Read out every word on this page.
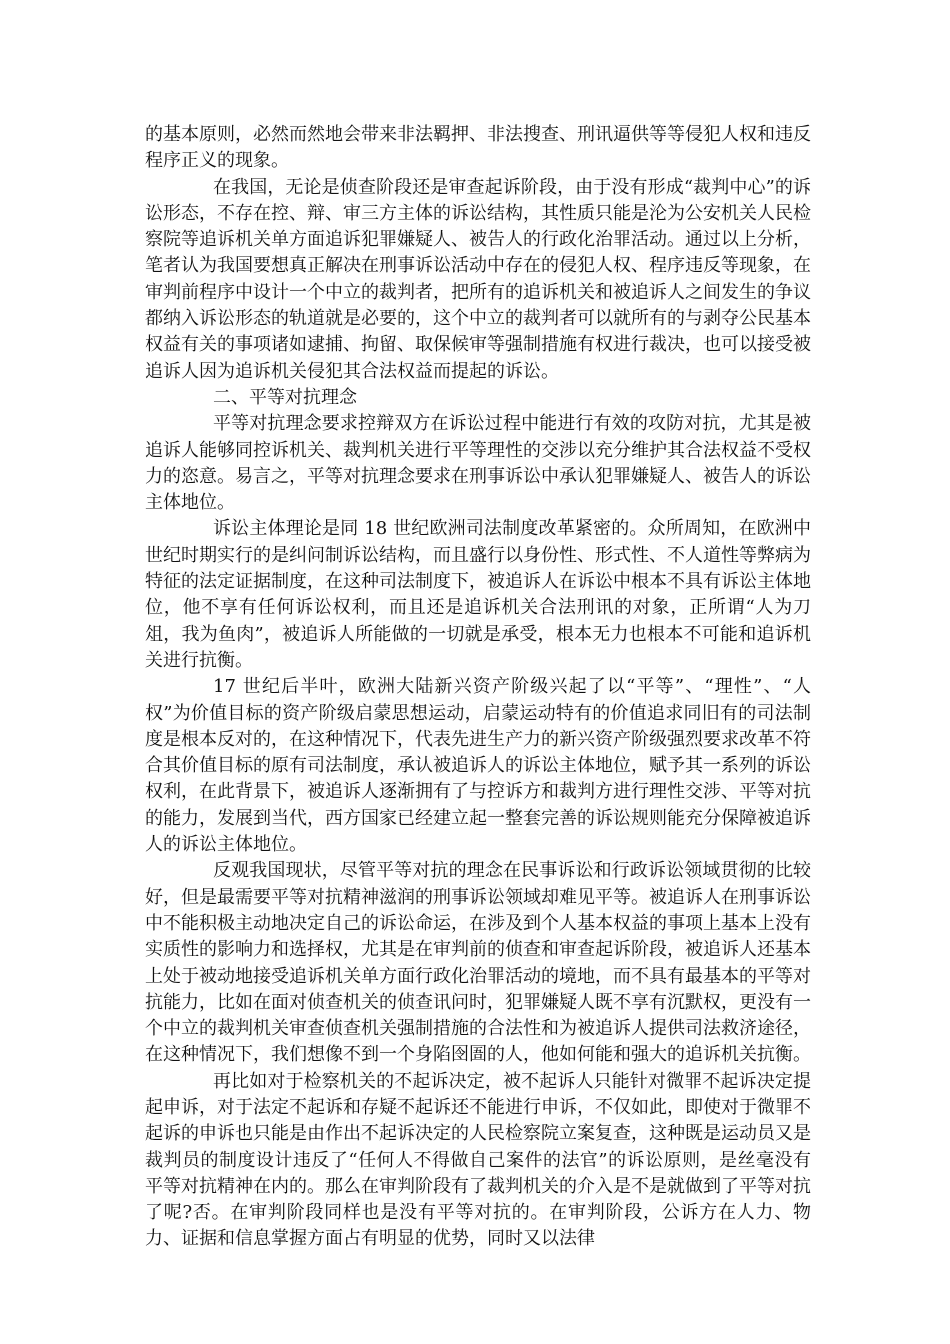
的基本原则，必然而然地会带来非法羁押、非法搜查、刑讯逼供等等侵犯人权和违反程序正义的现象。

在我国，无论是侦查阶段还是审查起诉阶段，由于没有形成“裁判中心”的诉讼形态，不存在控、辩、审三方主体的诉讼结构，其性质只能是沦为公安机关人民检察院等追诉机关单方面追诉犯罪嫌疑人、被告人的行政化治罪活动。通过以上分析，笔者认为我国要想真正解决在刑事诉讼活动中存在的侵犯人权、程序违反等现象，在审判前程序中设计一个中立的裁判者，把所有的追诉机关和被追诉人之间发生的争议都纳入诉讼形态的轨道就是必要的，这个中立的裁判者可以就所有的与剥夺公民基本权益有关的事项诸如逮捕、拘留、取保候审等强制措施有权进行裁决，也可以接受被追诉人因为追诉机关侵犯其合法权益而提起的诉讼。

二、平等对抗理念

平等对抗理念要求控辩双方在诉讼过程中能进行有效的攻防对抗，尤其是被追诉人能够同控诉机关、裁判机关进行平等理性的交涉以充分维护其合法权益不受权力的恣意。易言之，平等对抗理念要求在刑事诉讼中承认犯罪嫌疑人、被告人的诉讼主体地位。

诉讼主体理论是同 18 世纪欧洲司法制度改革紧密的。众所周知，在欧洲中世纪时期实行的是纠问制诉讼结构，而且盛行以身份性、形式性、不人道性等弊病为特征的法定证据制度，在这种司法制度下，被追诉人在诉讼中根本不具有诉讼主体地位，他不享有任何诉讼权利，而且还是追诉机关合法刑讯的对象，正所谓“人为刀俎，我为鱼肉”，被追诉人所能做的一切就是承受，根本无力也根本不可能和追诉机关进行抗衡。

17 世纪后半叶，欧洲大陆新兴资产阶级兴起了以“平等”、“理性”、“人权”为价值目标的资产阶级启蒙思想运动，启蒙运动特有的价值追求同旧有的司法制度是根本反对的，在这种情况下，代表先进生产力的新兴资产阶级强烈要求改革不符合其价值目标的原有司法制度，承认被追诉人的诉讼主体地位，赋予其一系列的诉讼权利，在此背景下，被追诉人逐渐拥有了与控诉方和裁判方进行理性交涉、平等对抗的能力，发展到当代，西方国家已经建立起一整套完善的诉讼规则能充分保障被追诉人的诉讼主体地位。

反观我国现状，尽管平等对抗的理念在民事诉讼和行政诉讼领域贯彻的比较好，但是最需要平等对抗精神滋润的刑事诉讼领域却难见平等。被追诉人在刑事诉讼中不能积极主动地决定自己的诉讼命运，在涉及到个人基本权益的事项上基本上没有实质性的影响力和选择权，尤其是在审判前的侦查和审查起诉阶段，被追诉人还基本上处于被动地接受追诉机关单方面行政化治罪活动的境地，而不具有最基本的平等对抗能力，比如在面对侦查机关的侦查讯问时，犯罪嫌疑人既不享有沉默权，更没有一个中立的裁判机关审查侦查机关强制措施的合法性和为被追诉人提供司法救济途径，在这种情况下，我们想像不到一个身陷囹圄的人，他如何能和强大的追诉机关抗衡。

再比如对于检察机关的不起诉决定，被不起诉人只能针对微罪不起诉决定提起申诉，对于法定不起诉和存疑不起诉还不能进行申诉，不仅如此，即使对于微罪不起诉的申诉也只能是由作出不起诉决定的人民检察院立案复查，这种既是运动员又是裁判员的制度设计违反了“任何人不得做自己案件的法官”的诉讼原则，是丝毫没有平等对抗精神在内的。那么在审判阶段有了裁判机关的介入是不是就做到了平等对抗了呢?否。在审判阶段同样也是没有平等对抗的。在审判阶段，公诉方在人力、物力、证据和信息掌握方面占有明显的优势，同时又以法律
